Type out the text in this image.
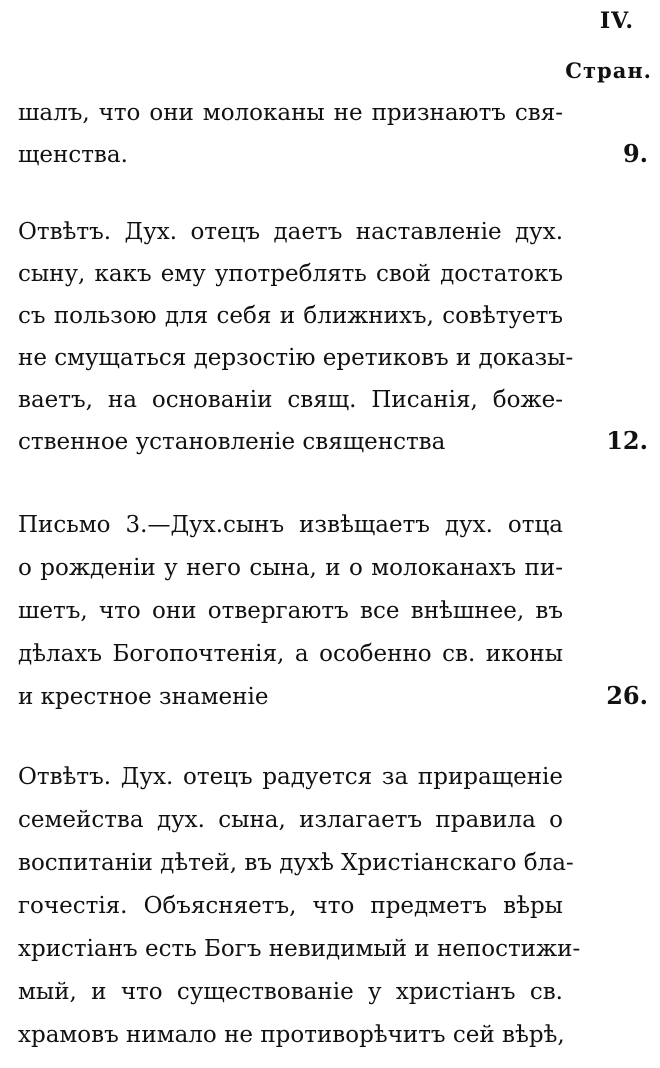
IV.
Стран.
шалъ, что они молоканы не признаютъ свя-
щенства.	9.
Отвѣтъ. Дух. отецъ даетъ наставленіе дух.
сыну, какъ ему употреблять свой достатокъ
съ пользою для себя и ближнихъ, совѣтуетъ
не смущаться дерзостію еретиковъ и доказы-
ваетъ, на основаніи свящ. Писанія, боже-
ственное установленіе священства	12.
Письмо 3.—Дух.сынъ извѣщаетъ дух. отца
о рожденіи у него сына, и о молоканахъ пи-
шетъ, что они отвергаютъ все внѣшнее, въ
дѣлахъ Богопочтенія, а особенно св. иконы
и крестное знаменіе	26.
Отвѣтъ. Дух. отецъ радуется за приращеніе
семейства дух. сына, излагаетъ правила о
воспитаніи дѣтей, въ духѣ Христіанскаго бла-
гочестія. Объясняетъ, что предметъ вѣры
христіанъ есть Богъ невидимый и непостижи-
мый, и что существованіе у христіанъ св.
храмовъ нимало не противорѣчитъ сей вѣрѣ,
